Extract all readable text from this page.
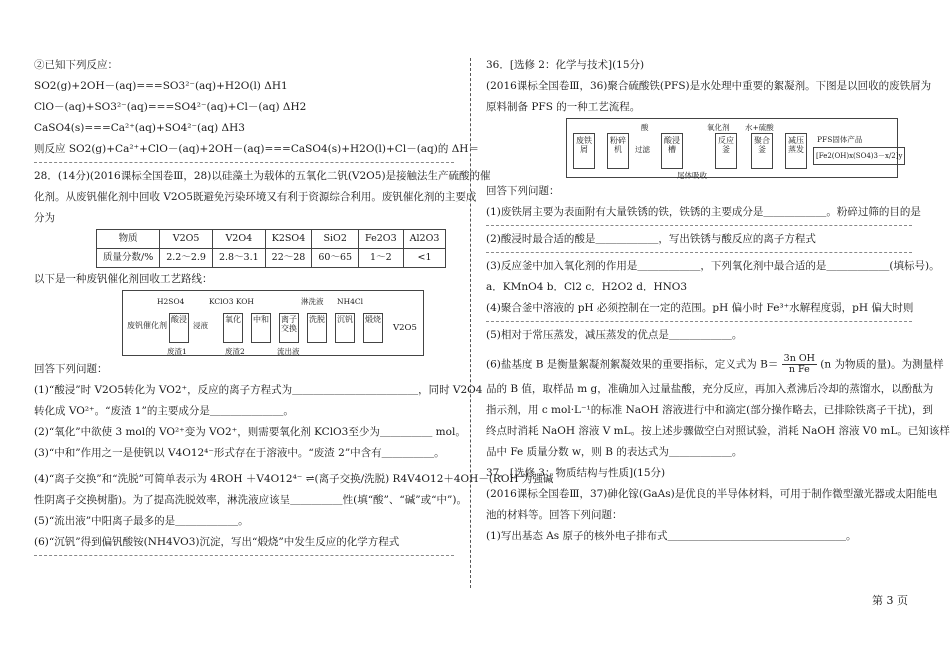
②已知下列反应：
SO2(g)+2OH－(aq)===SO3²⁻(aq)+H2O(l) ΔH1
ClO－(aq)+SO3²⁻(aq)===SO4²⁻(aq)+Cl－(aq) ΔH2
CaSO4(s)===Ca²⁺(aq)+SO4²⁻(aq) ΔH3
则反应 SO2(g)+Ca²⁺+ClO－(aq)+2OH－(aq)===CaSO4(s)+H2O(l)+Cl－(aq)的 ΔH＝
28．(14分)(2016课标全国卷Ⅲ，28)以硅藻土为载体的五氧化二钒(V2O5)是接触法生产硫酸的催
化剂。从废钒催化剂中回收 V2O5既避免污染环境又有利于资源综合利用。废钒催化剂的主要成
分为
物质	V2O5	V2O4	K2SO4	SiO2	Fe2O3	Al2O3
质量分数/%	2.2～2.9	2.8～3.1	22～28	60～65	1～2	<1
以下是一种废钒催化剂回收工艺路线：
废钒催化剂
H2SO4	KClO3 KOH	淋洗液 NH4Cl
酸浸
浸液
氧化 中和 离子交换
洗脱 沉钒 煅烧
V2O5
废渣1	废渣2	流出液
回答下列问题：
(1)“酸浸”时 V2O5转化为 VO2⁺，反应的离子方程式为＿＿＿＿＿＿＿＿＿＿＿＿，同时 V2O4
转化成 VO²⁺。“废渣 1”的主要成分是＿＿＿＿＿＿＿。
(2)“氧化”中欲使 3 mol的 VO²⁺变为 VO2⁺，则需要氧化剂 KClO3至少为＿＿＿＿＿ mol。
(3)“中和”作用之一是使钒以 V4O12⁴⁻形式存在于溶液中。“废渣 2”中含有＿＿＿＿＿。
(4)“离子交换”和“洗脱”可简单表示为 4ROH ＋V4O12⁴⁻ ⇌(离子交换/洗脱) R4V4O12＋4OH－(ROH 为强碱
性阴离子交换树脂)。为了提高洗脱效率，淋洗液应该呈＿＿＿＿＿性(填“酸”、“碱”或“中”)。
(5)“流出液”中阳离子最多的是＿＿＿＿＿＿。
(6)“沉钒”得到偏钒酸铵(NH4VO3)沉淀，写出“煅烧”中发生反应的化学方程式
36．[选修 2：化学与技术](15分)
(2016课标全国卷Ⅲ，36)聚合硫酸铁(PFS)是水处理中重要的絮凝剂。下图是以回收的废铁屑为
原料制备 PFS 的一种工艺流程。
废铁屑
粉碎机
酸
过滤
酸浸槽
尾体吸收
氧化剂
反应釜
水+硫酸
聚合釜
减压蒸发
PFS固体产品
[Fe2(OH)x(SO4)3－x/2]y
回答下列问题：
(1)废铁屑主要为表面附有大量铁锈的铁，铁锈的主要成分是＿＿＿＿＿＿。粉碎过筛的目的是
(2)酸浸时最合适的酸是＿＿＿＿＿＿，写出铁锈与酸反应的离子方程式
(3)反应釜中加入氧化剂的作用是＿＿＿＿＿＿，下列氧化剂中最合适的是＿＿＿＿＿＿(填标号)。
a．KMnO4 b．Cl2 c．H2O2 d．HNO3
(4)聚合釜中溶液的 pH 必须控制在一定的范围。pH 偏小时 Fe³⁺水解程度弱，pH 偏大时则
(5)相对于常压蒸发，减压蒸发的优点是＿＿＿＿＿＿。
(6)盐基度 B 是衡量絮凝剂絮凝效果的重要指标，定义式为 $B= \frac{\text{3n OH}}{\text{n Fe}} (n$ 为物质的量)。为测量样
品的 B 值，取样品 m g，准确加入过量盐酸，充分反应，再加入煮沸后冷却的蒸馏水，以酚酞为
指示剂，用 c mol·L⁻¹的标准 NaOH 溶液进行中和滴定(部分操作略去，已排除铁离子干扰)，到
终点时消耗 NaOH 溶液 V mL。按上述步骤做空白对照试验，消耗 NaOH 溶液 V0 mL。已知该样
品中 Fe 质量分数 w，则 B 的表达式为＿＿＿＿＿＿。
37．[选修 3：物质结构与性质](15分)
(2016课标全国卷Ⅲ，37)砷化镓(GaAs)是优良的半导体材料，可用于制作微型激光器或太阳能电
池的材料等。回答下列问题：
(1)写出基态 As 原子的核外电子排布式＿＿＿＿＿＿＿＿＿＿＿＿＿＿＿＿＿。
第 3 页
